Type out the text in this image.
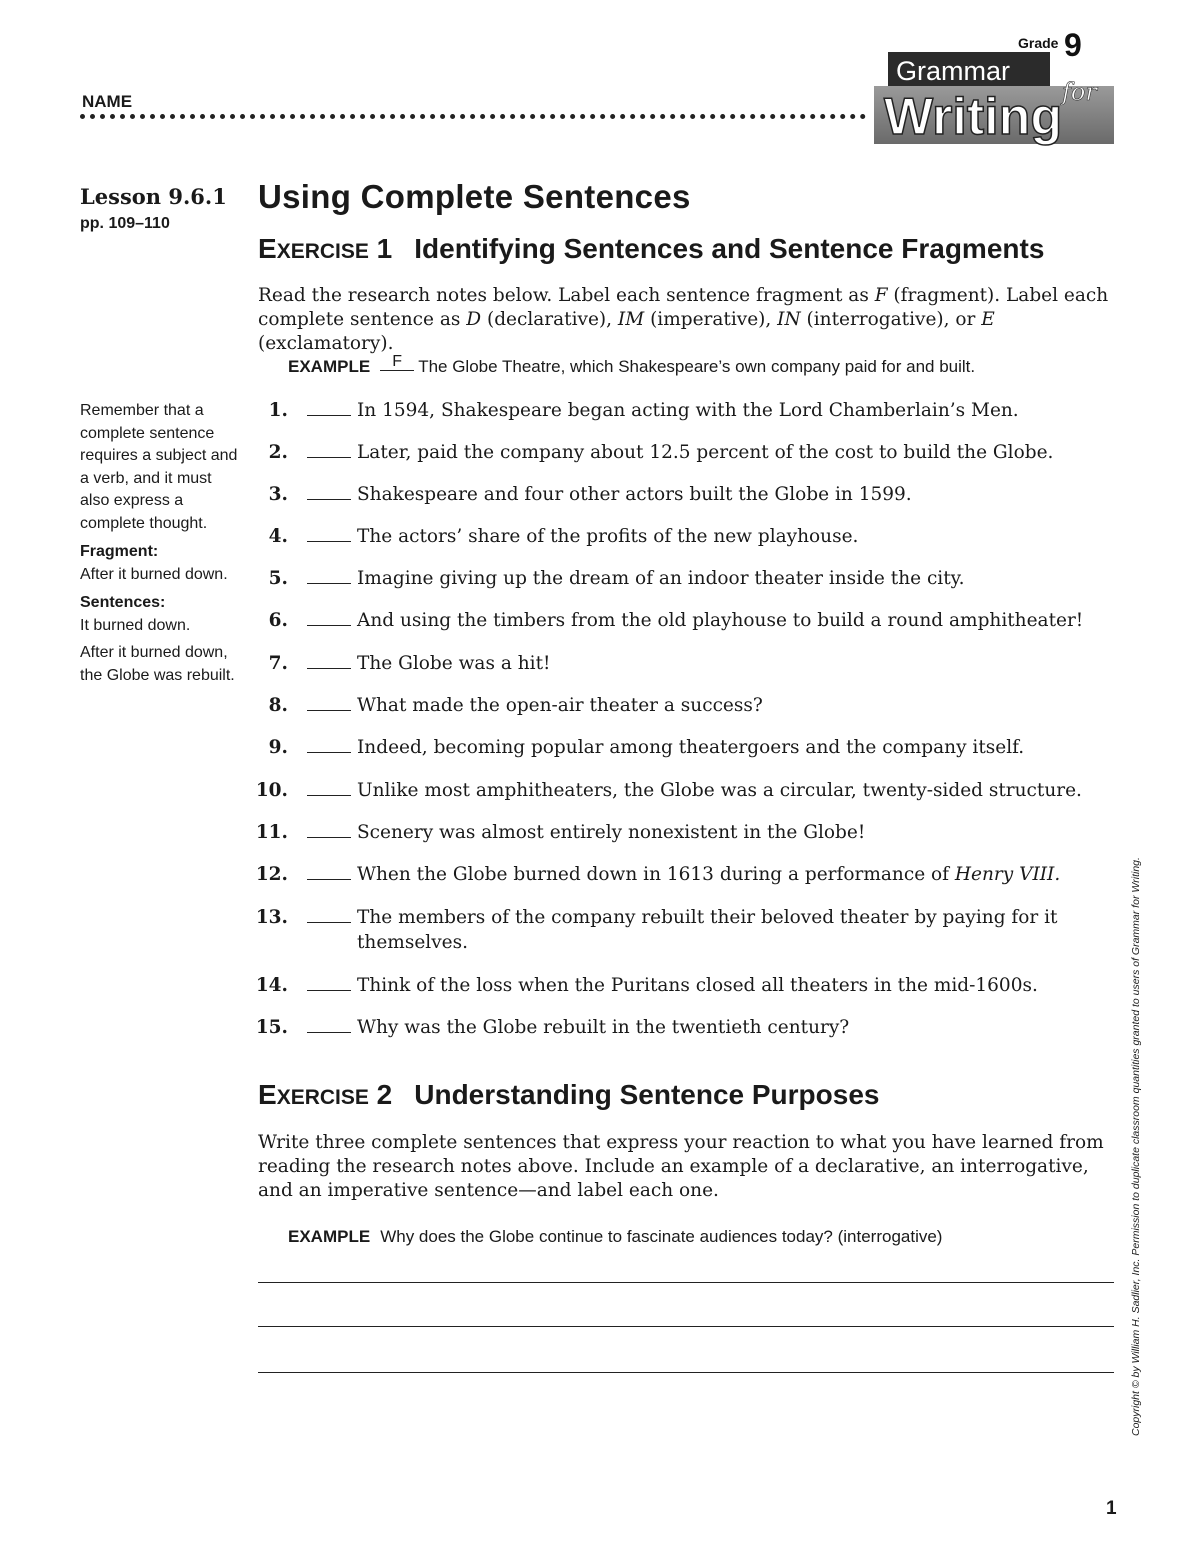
NAME
Grade 9
Grammar
Writing for
Lesson 9.6.1
pp. 109–110

Remember that a complete sentence requires a subject and a verb, and it must also express a complete thought.

Fragment:

After it burned down.

Sentences:

It burned down.

After it burned down, the Globe was rebuilt.

Using Complete Sentences
EXERCISE 1 Identifying Sentences and Sentence Fragments
Read the research notes below. Label each sentence fragment as F (fragment). Label each complete sentence as D (declarative), IM (imperative), IN (interrogative), or E (exclamatory).
EXAMPLE F The Globe Theatre, which Shakespeare’s own company paid for and built.
1.	In 1594, Shakespeare began acting with the Lord Chamberlain’s Men.
2.	Later, paid the company about 12.5 percent of the cost to build the Globe.
3.	Shakespeare and four other actors built the Globe in 1599.
4.	The actors’ share of the profits of the new playhouse.
5.	Imagine giving up the dream of an indoor theater inside the city.
6.	And using the timbers from the old playhouse to build a round amphitheater!
7.	The Globe was a hit!
8.	What made the open-air theater a success?
9.	Indeed, becoming popular among theatergoers and the company itself.
10.	Unlike most amphitheaters, the Globe was a circular, twenty-sided structure.
11.	Scenery was almost entirely nonexistent in the Globe!
12.	When the Globe burned down in 1613 during a performance of Henry VIII.
13.	The members of the company rebuilt their beloved theater by paying for it themselves.
14.	Think of the loss when the Puritans closed all theaters in the mid-1600s.
15.	Why was the Globe rebuilt in the twentieth century?
EXERCISE 2 Understanding Sentence Purposes
Write three complete sentences that express your reaction to what you have learned from reading the research notes above. Include an example of a declarative, an interrogative, and an imperative sentence—and label each one.
EXAMPLE Why does the Globe continue to fascinate audiences today? (interrogative)	Copyright © by William H. Sadlier, Inc. Permission to duplicate classroom quantities granted to users of Grammar for Writing.
1
